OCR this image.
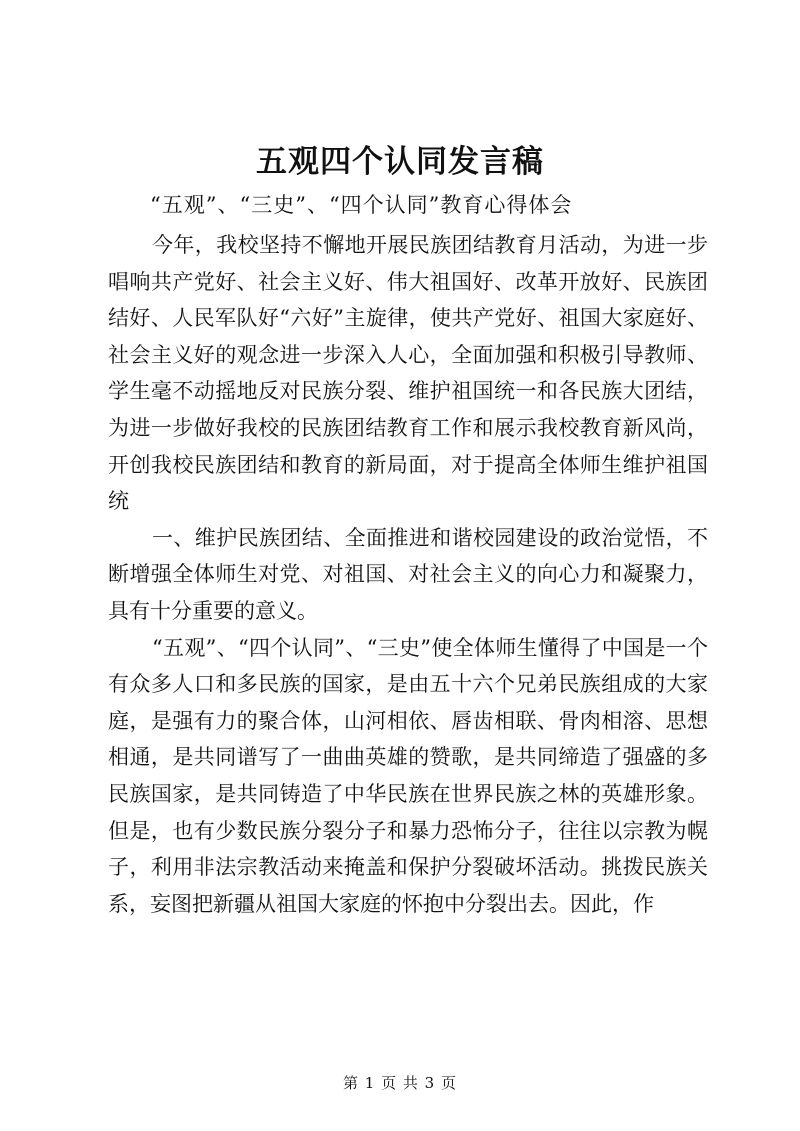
五观四个认同发言稿
“五观”、“三史”、“四个认同”教育心得体会

今年，我校坚持不懈地开展民族团结教育月活动，为进一步唱响共产党好、社会主义好、伟大祖国好、改革开放好、民族团结好、人民军队好“六好”主旋律，使共产党好、祖国大家庭好、社会主义好的观念进一步深入人心，全面加强和积极引导教师、学生毫不动摇地反对民族分裂、维护祖国统一和各民族大团结，为进一步做好我校的民族团结教育工作和展示我校教育新风尚，开创我校民族团结和教育的新局面，对于提高全体师生维护祖国统

一、维护民族团结、全面推进和谐校园建设的政治觉悟，不断增强全体师生对党、对祖国、对社会主义的向心力和凝聚力，具有十分重要的意义。

“五观”、“四个认同”、“三史”使全体师生懂得了中国是一个有众多人口和多民族的国家，是由五十六个兄弟民族组成的大家庭，是强有力的聚合体，山河相依、唇齿相联、骨肉相溶、思想相通，是共同谱写了一曲曲英雄的赞歌，是共同缔造了强盛的多民族国家，是共同铸造了中华民族在世界民族之林的英雄形象。但是，也有少数民族分裂分子和暴力恐怖分子，往往以宗教为幌子，利用非法宗教活动来掩盖和保护分裂破坏活动。挑拨民族关系，妄图把新疆从祖国大家庭的怀抱中分裂出去。因此，作

第 1 页 共 3 页
